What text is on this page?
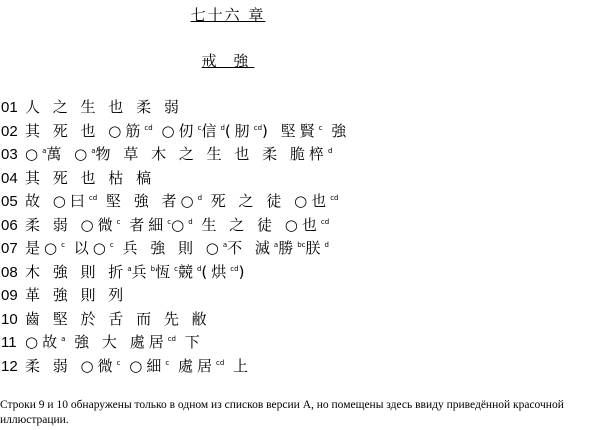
七十六 章
戒 強
01 人 之 生 也 柔 弱
02 其 死 也 ○筋$^{cd}$ ○仞$^c$信$^d$(肕$^{cd}$) 堅賢$^c$ 強
03 ○$^a$萬 ○$^a$物 草 木 之 生 也 柔 脆椊$^d$
04 其 死 也 枯 槁
05 故 ○曰$^{cd}$ 堅 強 者○$^d$ 死 之 徒 ○也$^{cd}$
06 柔 弱 ○微$^c$ 者細$^c$○$^d$ 生 之 徒 ○也$^{cd}$
07 是○$^c$ 以○$^c$ 兵 強 則 ○$^a$不 滅$^a$勝$^{bc}$朕$^d$
08 木 強 則 折$^a$兵$^b$恆$^c$競$^d$(烘$^{cd}$)
09 革 強 則 列
10 齒 堅 於 舌 而 先 敝
11 ○故$^a$ 強 大 處居$^{cd}$ 下
12 柔 弱 ○微$^c$ ○細$^c$ 處居$^{cd}$ 上
Строки 9 и 10 обнаружены только в одном из списков версии А, но помещены здесь ввиду приведённой красочной иллюстрации.
